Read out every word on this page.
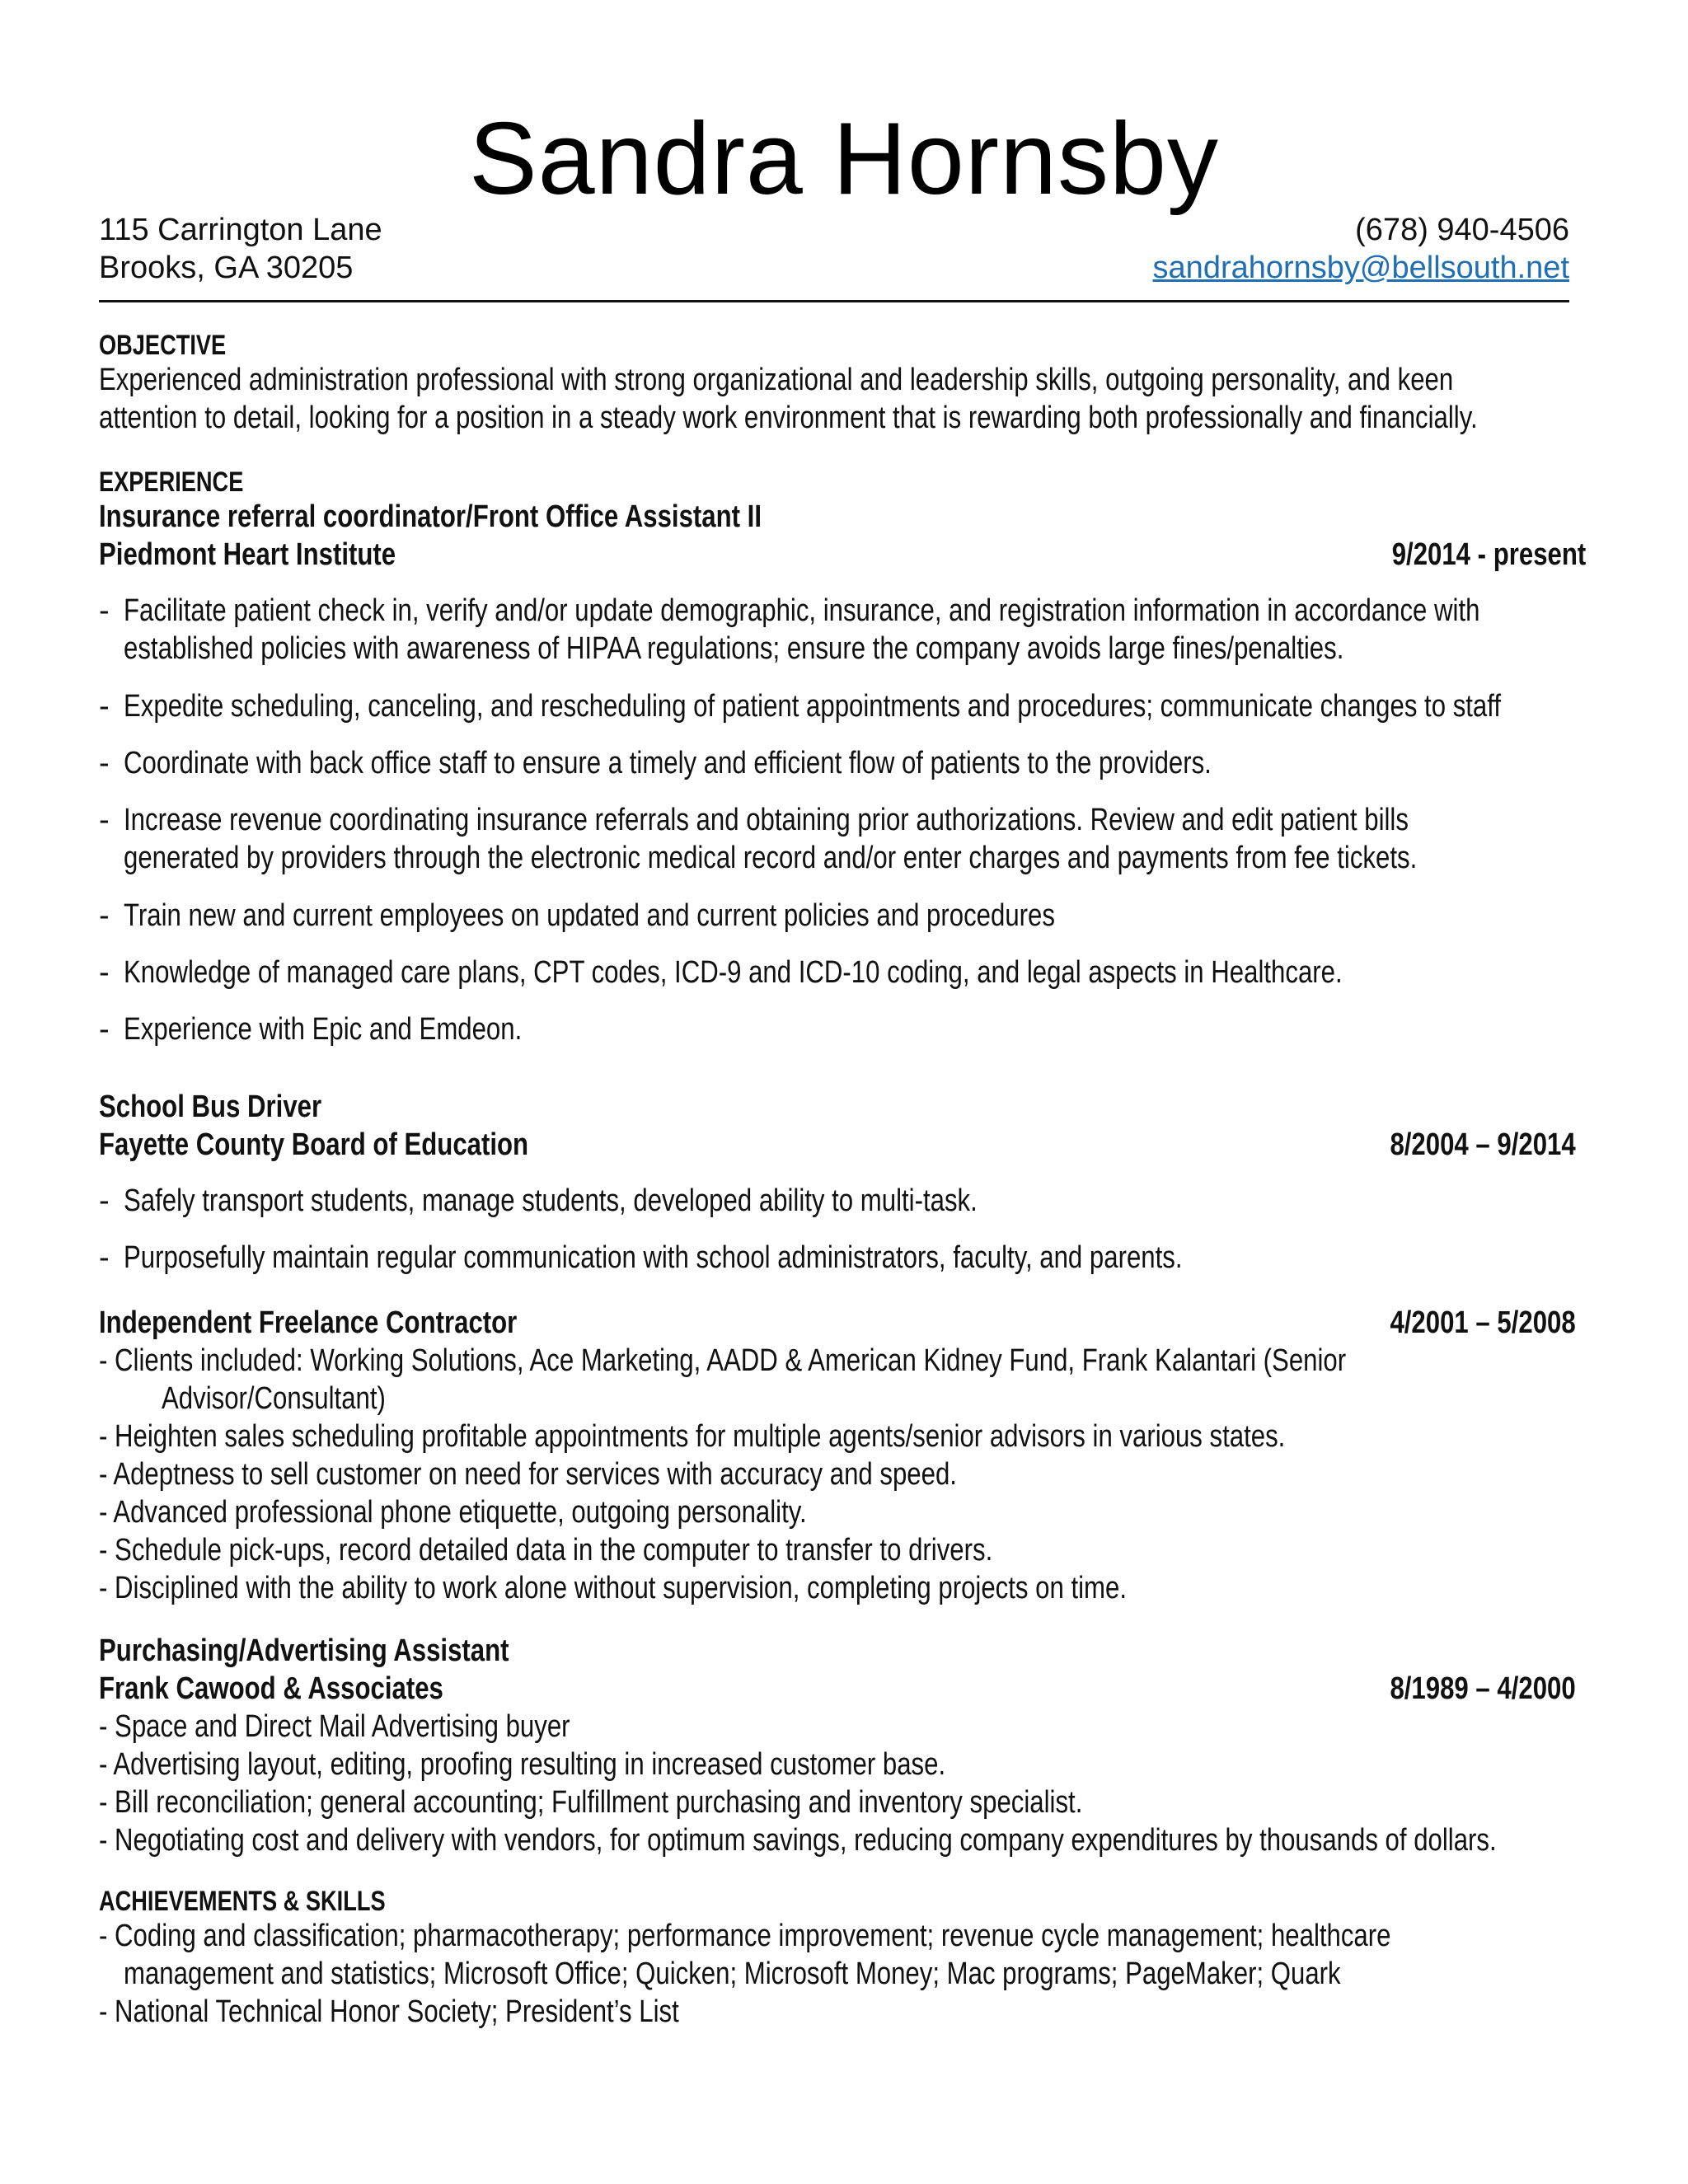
Sandra Hornsby
115 Carrington Lane
Brooks, GA 30205
(678) 940-4506
sandrahornsby@bellsouth.net
OBJECTIVE
Experienced administration professional with strong organizational and leadership skills, outgoing personality, and keen
attention to detail, looking for a position in a steady work environment that is rewarding both professionally and financially.
EXPERIENCE
Insurance referral coordinator/Front Office Assistant II
Piedmont Heart Institute	9/2014 - present
- Facilitate patient check in, verify and/or update demographic, insurance, and registration information in accordance with
established policies with awareness of HIPAA regulations; ensure the company avoids large fines/penalties.
- Expedite scheduling, canceling, and rescheduling of patient appointments and procedures; communicate changes to staff
- Coordinate with back office staff to ensure a timely and efficient flow of patients to the providers.
- Increase revenue coordinating insurance referrals and obtaining prior authorizations. Review and edit patient bills
generated by providers through the electronic medical record and/or enter charges and payments from fee tickets.
- Train new and current employees on updated and current policies and procedures
- Knowledge of managed care plans, CPT codes, ICD-9 and ICD-10 coding, and legal aspects in Healthcare.
- Experience with Epic and Emdeon.
School Bus Driver
Fayette County Board of Education	8/2004 – 9/2014
- Safely transport students, manage students, developed ability to multi-task.
- Purposefully maintain regular communication with school administrators, faculty, and parents.
Independent Freelance Contractor	4/2001 – 5/2008
- Clients included: Working Solutions, Ace Marketing, AADD & American Kidney Fund, Frank Kalantari (Senior
Advisor/Consultant)
- Heighten sales scheduling profitable appointments for multiple agents/senior advisors in various states.
- Adeptness to sell customer on need for services with accuracy and speed.
- Advanced professional phone etiquette, outgoing personality.
- Schedule pick-ups, record detailed data in the computer to transfer to drivers.
- Disciplined with the ability to work alone without supervision, completing projects on time.
Purchasing/Advertising Assistant
Frank Cawood & Associates	8/1989 – 4/2000
- Space and Direct Mail Advertising buyer
- Advertising layout, editing, proofing resulting in increased customer base.
- Bill reconciliation; general accounting; Fulfillment purchasing and inventory specialist.
- Negotiating cost and delivery with vendors, for optimum savings, reducing company expenditures by thousands of dollars.
ACHIEVEMENTS & SKILLS
- Coding and classification; pharmacotherapy; performance improvement; revenue cycle management; healthcare
management and statistics; Microsoft Office; Quicken; Microsoft Money; Mac programs; PageMaker; Quark
- National Technical Honor Society; President’s List
